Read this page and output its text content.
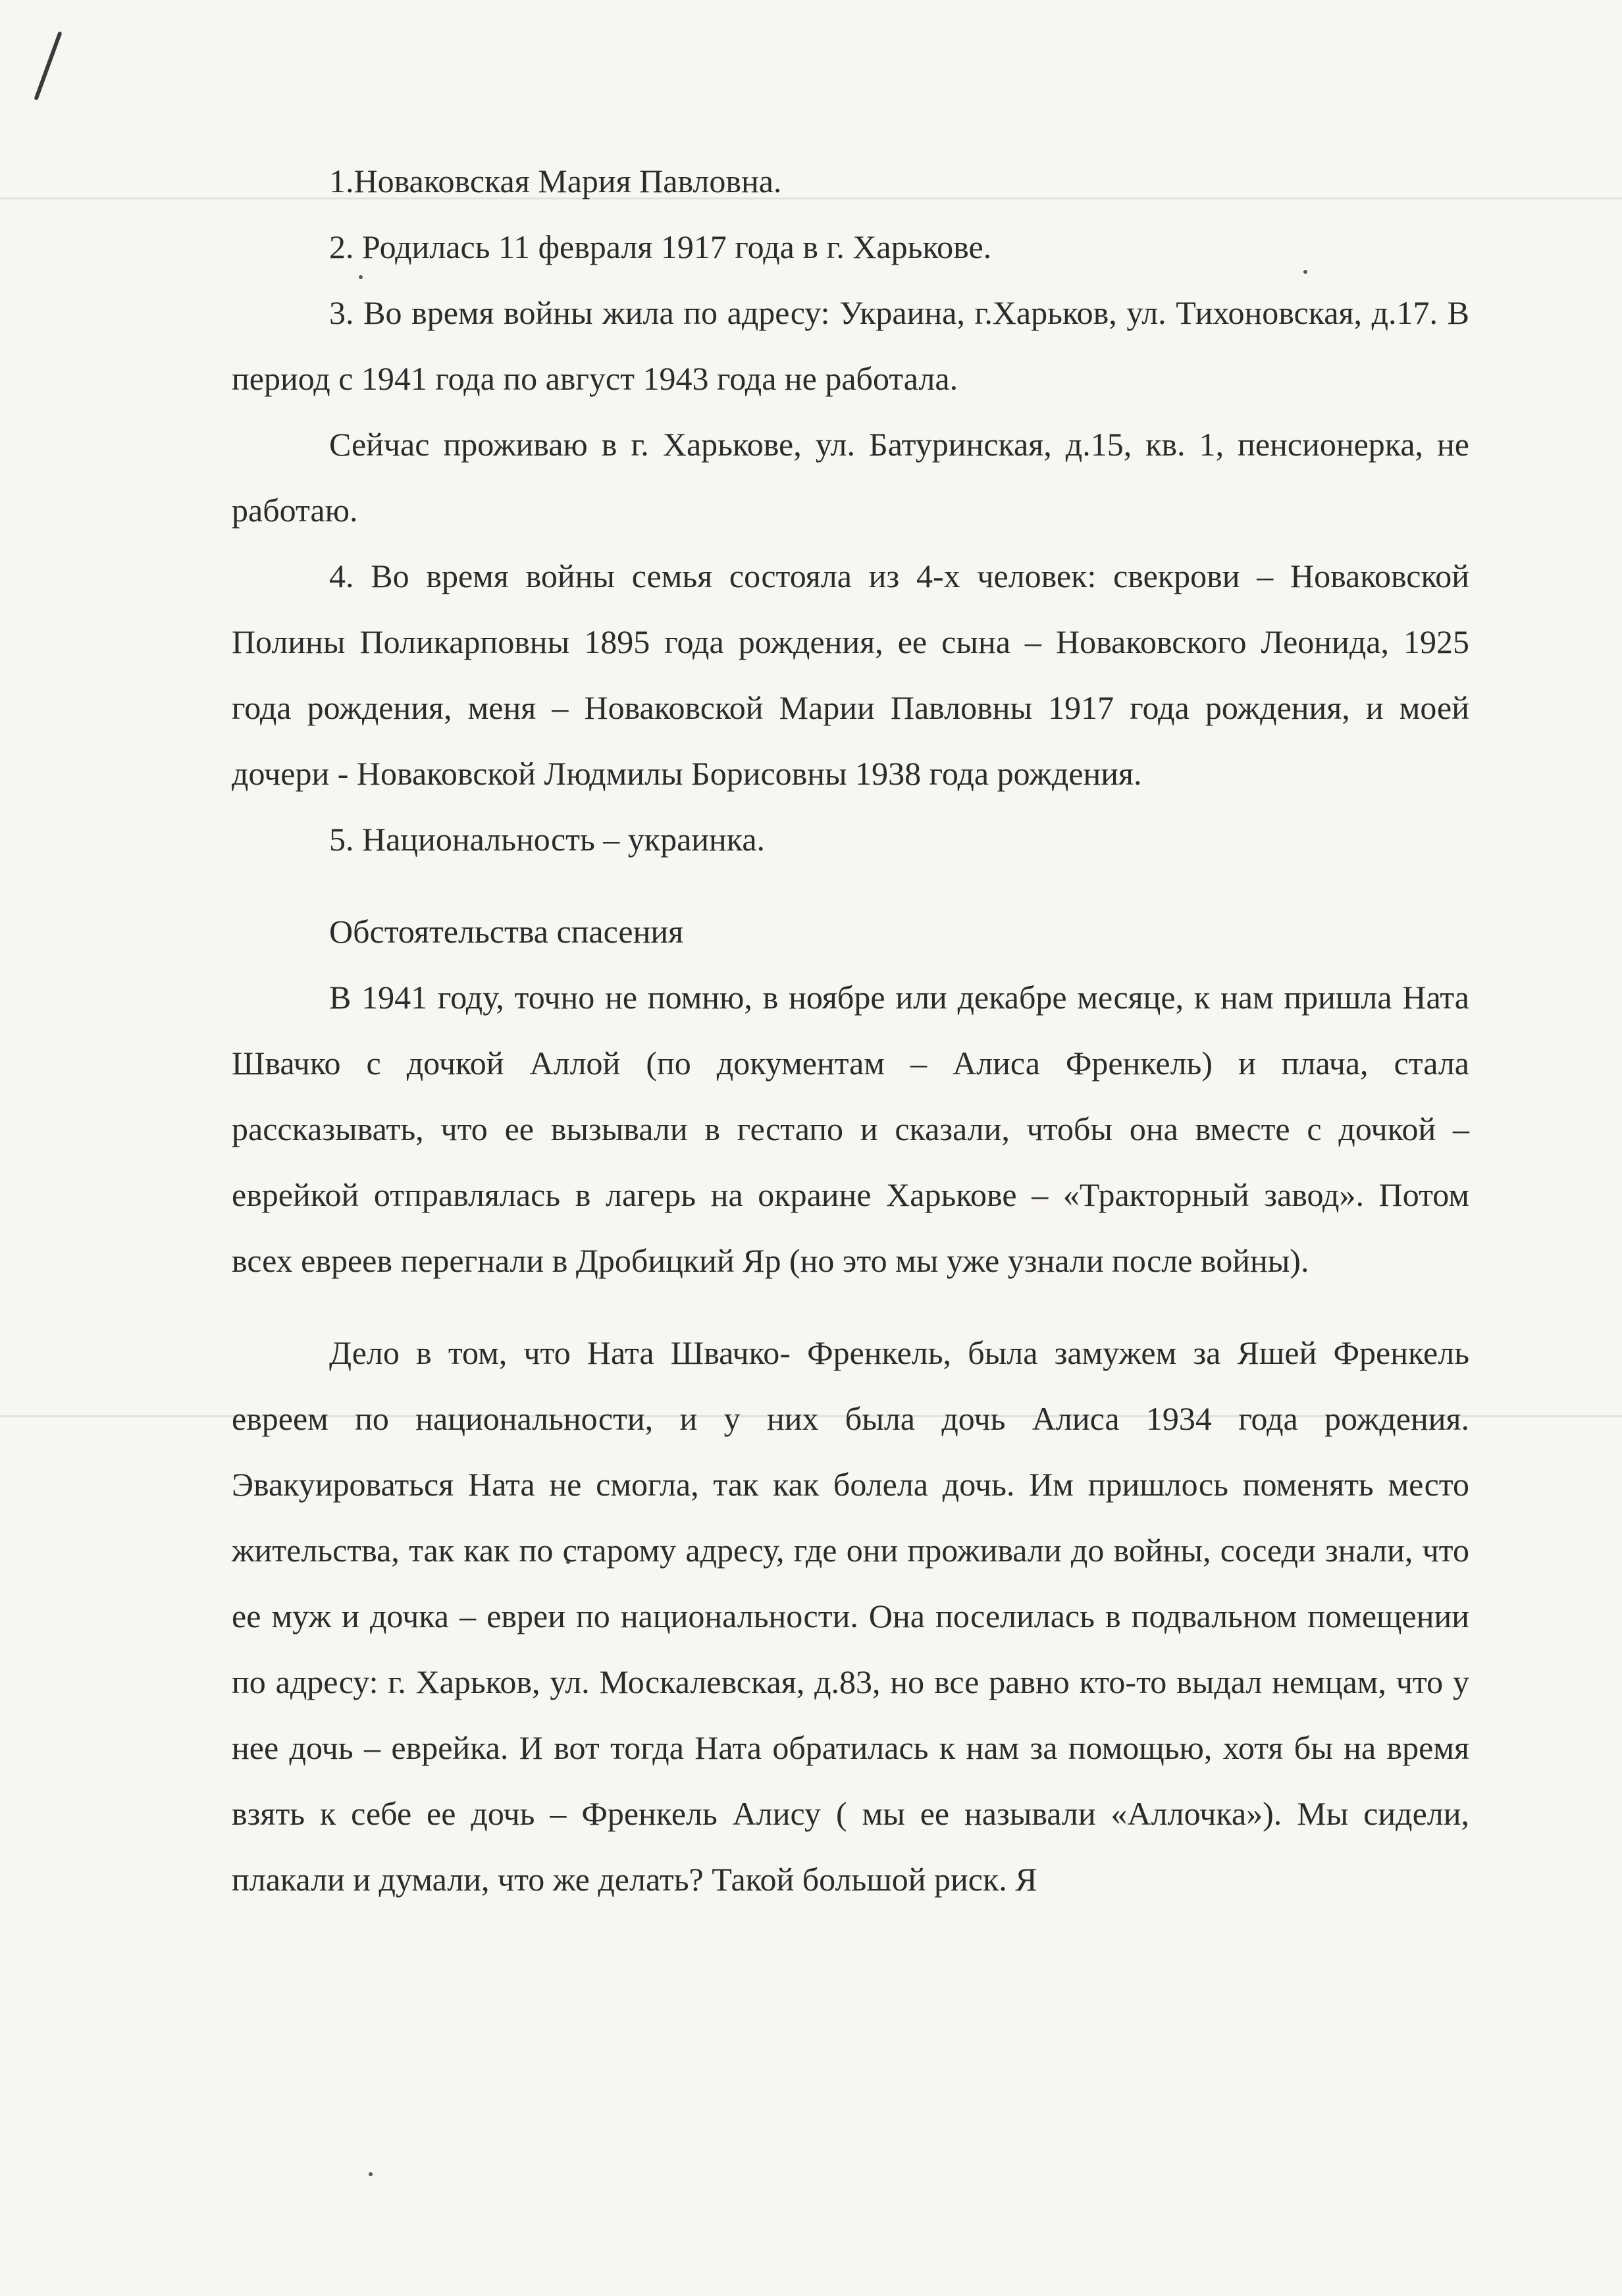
1.Новаковская Мария Павловна.

2. Родилась 11 февраля 1917 года в г. Харькове.

3. Во время войны жила по адресу: Украина, г.Харьков, ул. Тихоновская, д.17. В период с 1941 года по август 1943 года не работала.

Сейчас проживаю в г. Харькове, ул. Батуринская, д.15, кв. 1, пенсионерка, не работаю.

4. Во время войны семья состояла из 4-х человек: свекрови – Новаковской Полины Поликарповны 1895 года рождения, ее сына – Новаковского Леонида, 1925 года рождения, меня – Новаковской Марии Павловны 1917 года рождения, и моей дочери - Новаковской Людмилы Борисовны 1938 года рождения.

5. Национальность – украинка.

Обстоятельства спасения

В 1941 году, точно не помню, в ноябре или декабре месяце, к нам пришла Ната Швачко с дочкой Аллой (по документам – Алиса Френкель) и плача, стала рассказывать, что ее вызывали в гестапо и сказали, чтобы она вместе с дочкой – еврейкой отправлялась в лагерь на окраине Харькове – «Тракторный завод». Потом всех евреев перегнали в Дробицкий Яр (но это мы уже узнали после войны).

Дело в том, что Ната Швачко- Френкель, была замужем за Яшей Френкель евреем по национальности, и у них была дочь Алиса 1934 года рождения. Эвакуироваться Ната не смогла, так как болела дочь. Им пришлось поменять место жительства, так как по старому адресу, где они проживали до войны, соседи знали, что ее муж и дочка – евреи по национальности. Она поселилась в подвальном помещении по адресу: г. Харьков, ул. Москалевская, д.83, но все равно кто-то выдал немцам, что у нее дочь – еврейка. И вот тогда Ната обратилась к нам за помощью, хотя бы на время взять к себе ее дочь – Френкель Алису ( мы ее называли «Аллочка»). Мы сидели, плакали и думали, что же делать? Такой большой риск. Я
